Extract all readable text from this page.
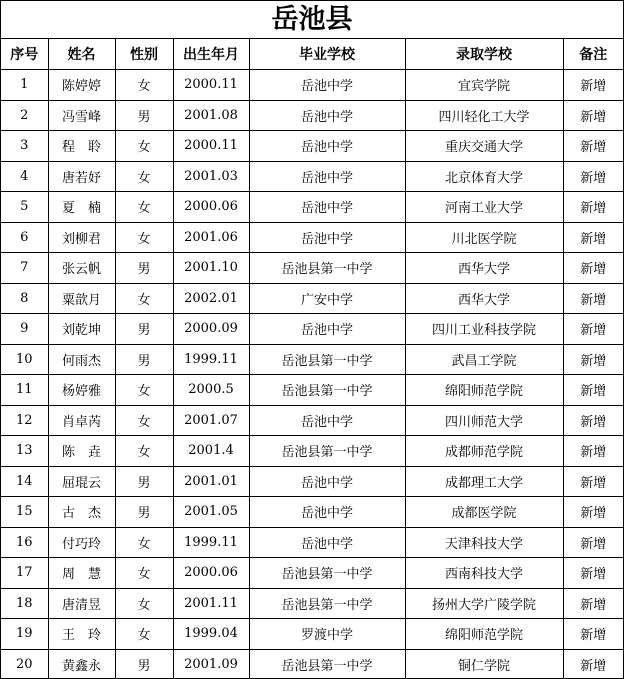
岳池县
序号	姓名	性别	出生年月	毕业学校	录取学校	备注
1	陈婷婷	女	2000.11	岳池中学	宜宾学院	新增
2	冯雪峰	男	2001.08	岳池中学	四川轻化工大学	新增
3	程　聆	女	2000.11	岳池中学	重庆交通大学	新增
4	唐若妤	女	2001.03	岳池中学	北京体育大学	新增
5	夏　楠	女	2000.06	岳池中学	河南工业大学	新增
6	刘柳君	女	2001.06	岳池中学	川北医学院	新增
7	张云帆	男	2001.10	岳池县第一中学	西华大学	新增
8	粟歆月	女	2002.01	广安中学	西华大学	新增
9	刘乾坤	男	2000.09	岳池中学	四川工业科技学院	新增
10	何雨杰	男	1999.11	岳池县第一中学	武昌工学院	新增
11	杨婷雅	女	2000.5	岳池县第一中学	绵阳师范学院	新增
12	肖卓芮	女	2001.07	岳池中学	四川师范大学	新增
13	陈　垚	女	2001.4	岳池县第一中学	成都师范学院	新增
14	屈琨云	男	2001.01	岳池中学	成都理工大学	新增
15	古　杰	男	2001.05	岳池中学	成都医学院	新增
16	付巧玲	女	1999.11	岳池中学	天津科技大学	新增
17	周　慧	女	2000.06	岳池县第一中学	西南科技大学	新增
18	唐清昱	女	2001.11	岳池县第一中学	扬州大学广陵学院	新增
19	王　玲	女	1999.04	罗渡中学	绵阳师范学院	新增
20	黄鑫永	男	2001.09	岳池县第一中学	铜仁学院	新增
